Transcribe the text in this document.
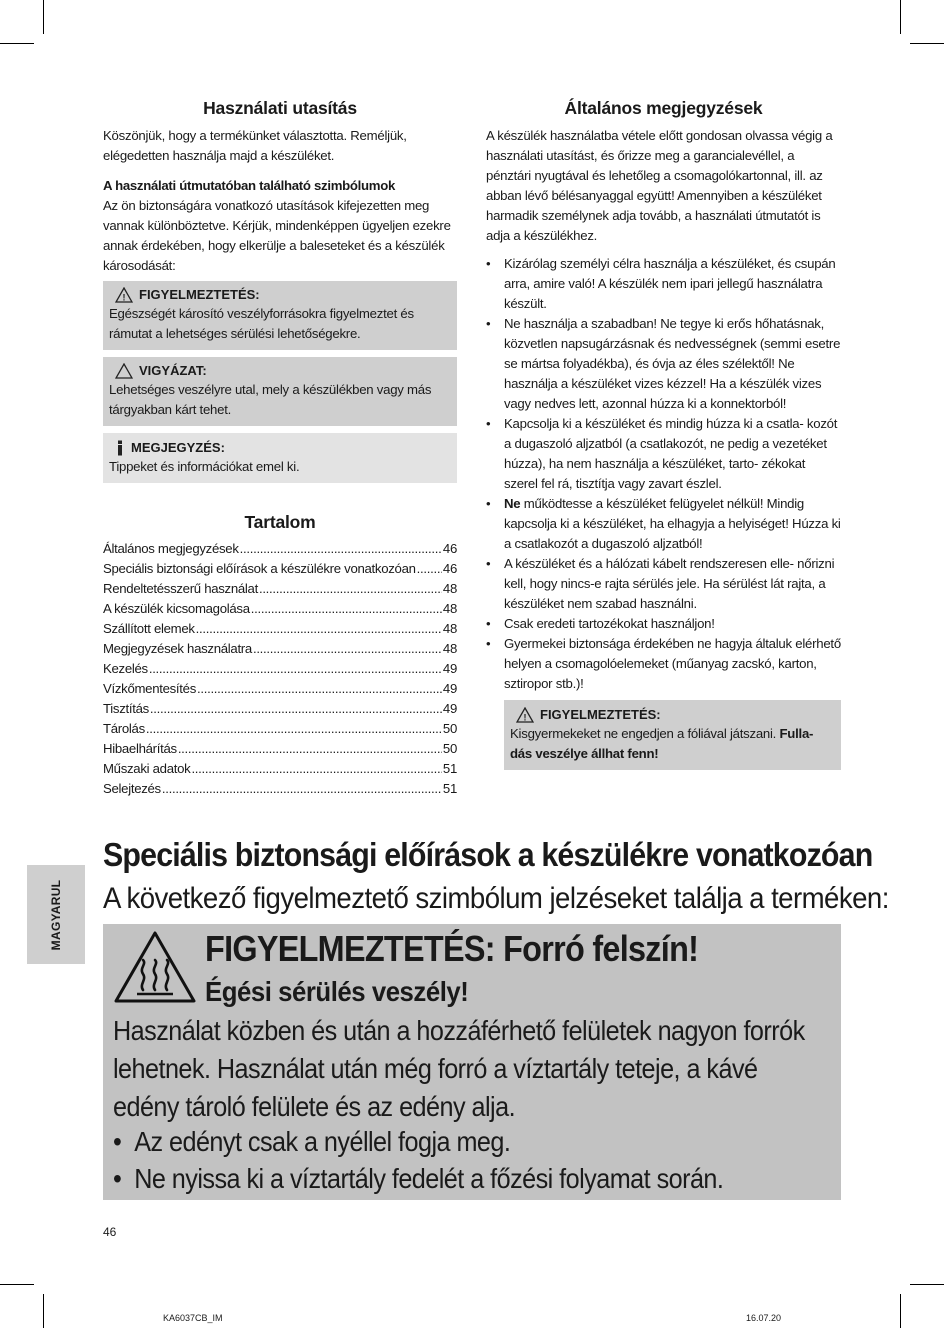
Használati utasítás

Köszönjük, hogy a termékünket választotta. Reméljük, elégedetten használja majd a készüléket.

A használati útmutatóban található szimbólumok

Az ön biztonságára vonatkozó utasítások kifejezetten meg vannak különböztetve. Kérjük, mindenképpen ügyeljen ezekre annak érdekében, hogy elkerülje a baleseteket és a készülék károsodását:

! FIGYELMEZTETÉS:
Egészségét károsító veszélyforrásokra figyelmeztet és rámutat a lehetséges sérülési lehetőségekre.
VIGYÁZAT:
Lehetséges veszélyre utal, mely a készülékben vagy más tárgyakban kárt tehet.
MEGJEGYZÉS:
Tippeket és információkat emel ki.
Tartalom
Általános megjegyzések .....	46
Speciális biztonsági előírások a készülékre vonatkozóan ..... 46
Rendeltetésszerű használat .....	48
A készülék kicsomagolása .....	48
Szállított elemek .....	48
Megjegyzések használatra .....	48
Kezelés .....	49
Vízkőmentesítés .....	49
Tisztítás .....	49
Tárolás .....	50
Hibaelhárítás .....	50
Műszaki adatok .....	51
Selejtezés .....	51
Általános megjegyzések

A készülék használatba vétele előtt gondosan olvassa végig a használati utasítást, és őrizze meg a garancialevéllel, a pénztári nyugtával és lehetőleg a csomagolókartonnal, ill. az abban lévő bélésanyaggal együtt! Amennyiben a készüléket harmadik személynek adja tovább, a használati útmutatót is adja a készülékhez.

• Kizárólag személyi célra használja a készüléket, és csupán arra, amire való! A készülék nem ipari jellegű használatra készült.
• Ne használja a szabadban! Ne tegye ki erős hőhatásnak, közvetlen napsugárzásnak és nedvességnek (semmi esetre se mártsa folyadékba), és óvja az éles szélektől! Ne használja a készüléket vizes kézzel! Ha a készülék vizes vagy nedves lett, azonnal húzza ki a konnektorból!
• Kapcsolja ki a készüléket és mindig húzza ki a csatla- kozót a dugaszoló aljzatból (a csatlakozót, ne pedig a vezetéket húzza), ha nem használja a készüléket, tarto- zékokat szerel fel rá, tisztítja vagy zavart észlel.
• Ne működtesse a készüléket felügyelet nélkül! Mindig kapcsolja ki a készüléket, ha elhagyja a helyiséget! Húzza ki a csatlakozót a dugaszoló aljzatból!
• A készüléket és a hálózati kábelt rendszeresen elle- nőrizni kell, hogy nincs-e rajta sérülés jele. Ha sérülést lát rajta, a készüléket nem szabad használni.
• Csak eredeti tartozékokat használjon!
• Gyermekei biztonsága érdekében ne hagyja általuk elérhető helyen a csomagolóelemeket (műanyag zacskó, karton, sztiropor stb.)!
! FIGYELMEZTETÉS:
Kisgyermekeket ne engedjen a fóliával játszani. Fulla- dás veszélye állhat fenn!
MAGYARUL
Speciális biztonsági előírások a készülékre vonatkozóan
A következő figyelmeztető szimbólum jelzéseket találja a terméken:
FIGYELMEZTETÉS: Forró felszín!
Égési sérülés veszély!
Használat közben és után a hozzáférhető felületek nagyon forrók lehetnek. Használat után még forró a víztartály teteje, a kávé edény tároló felülete és az edény alja.
•  Az edényt csak a nyéllel fogja meg.
•  Ne nyissa ki a víztartály fedelét a főzési folyamat során.
46
KA6037CB_IM	16.07.20
